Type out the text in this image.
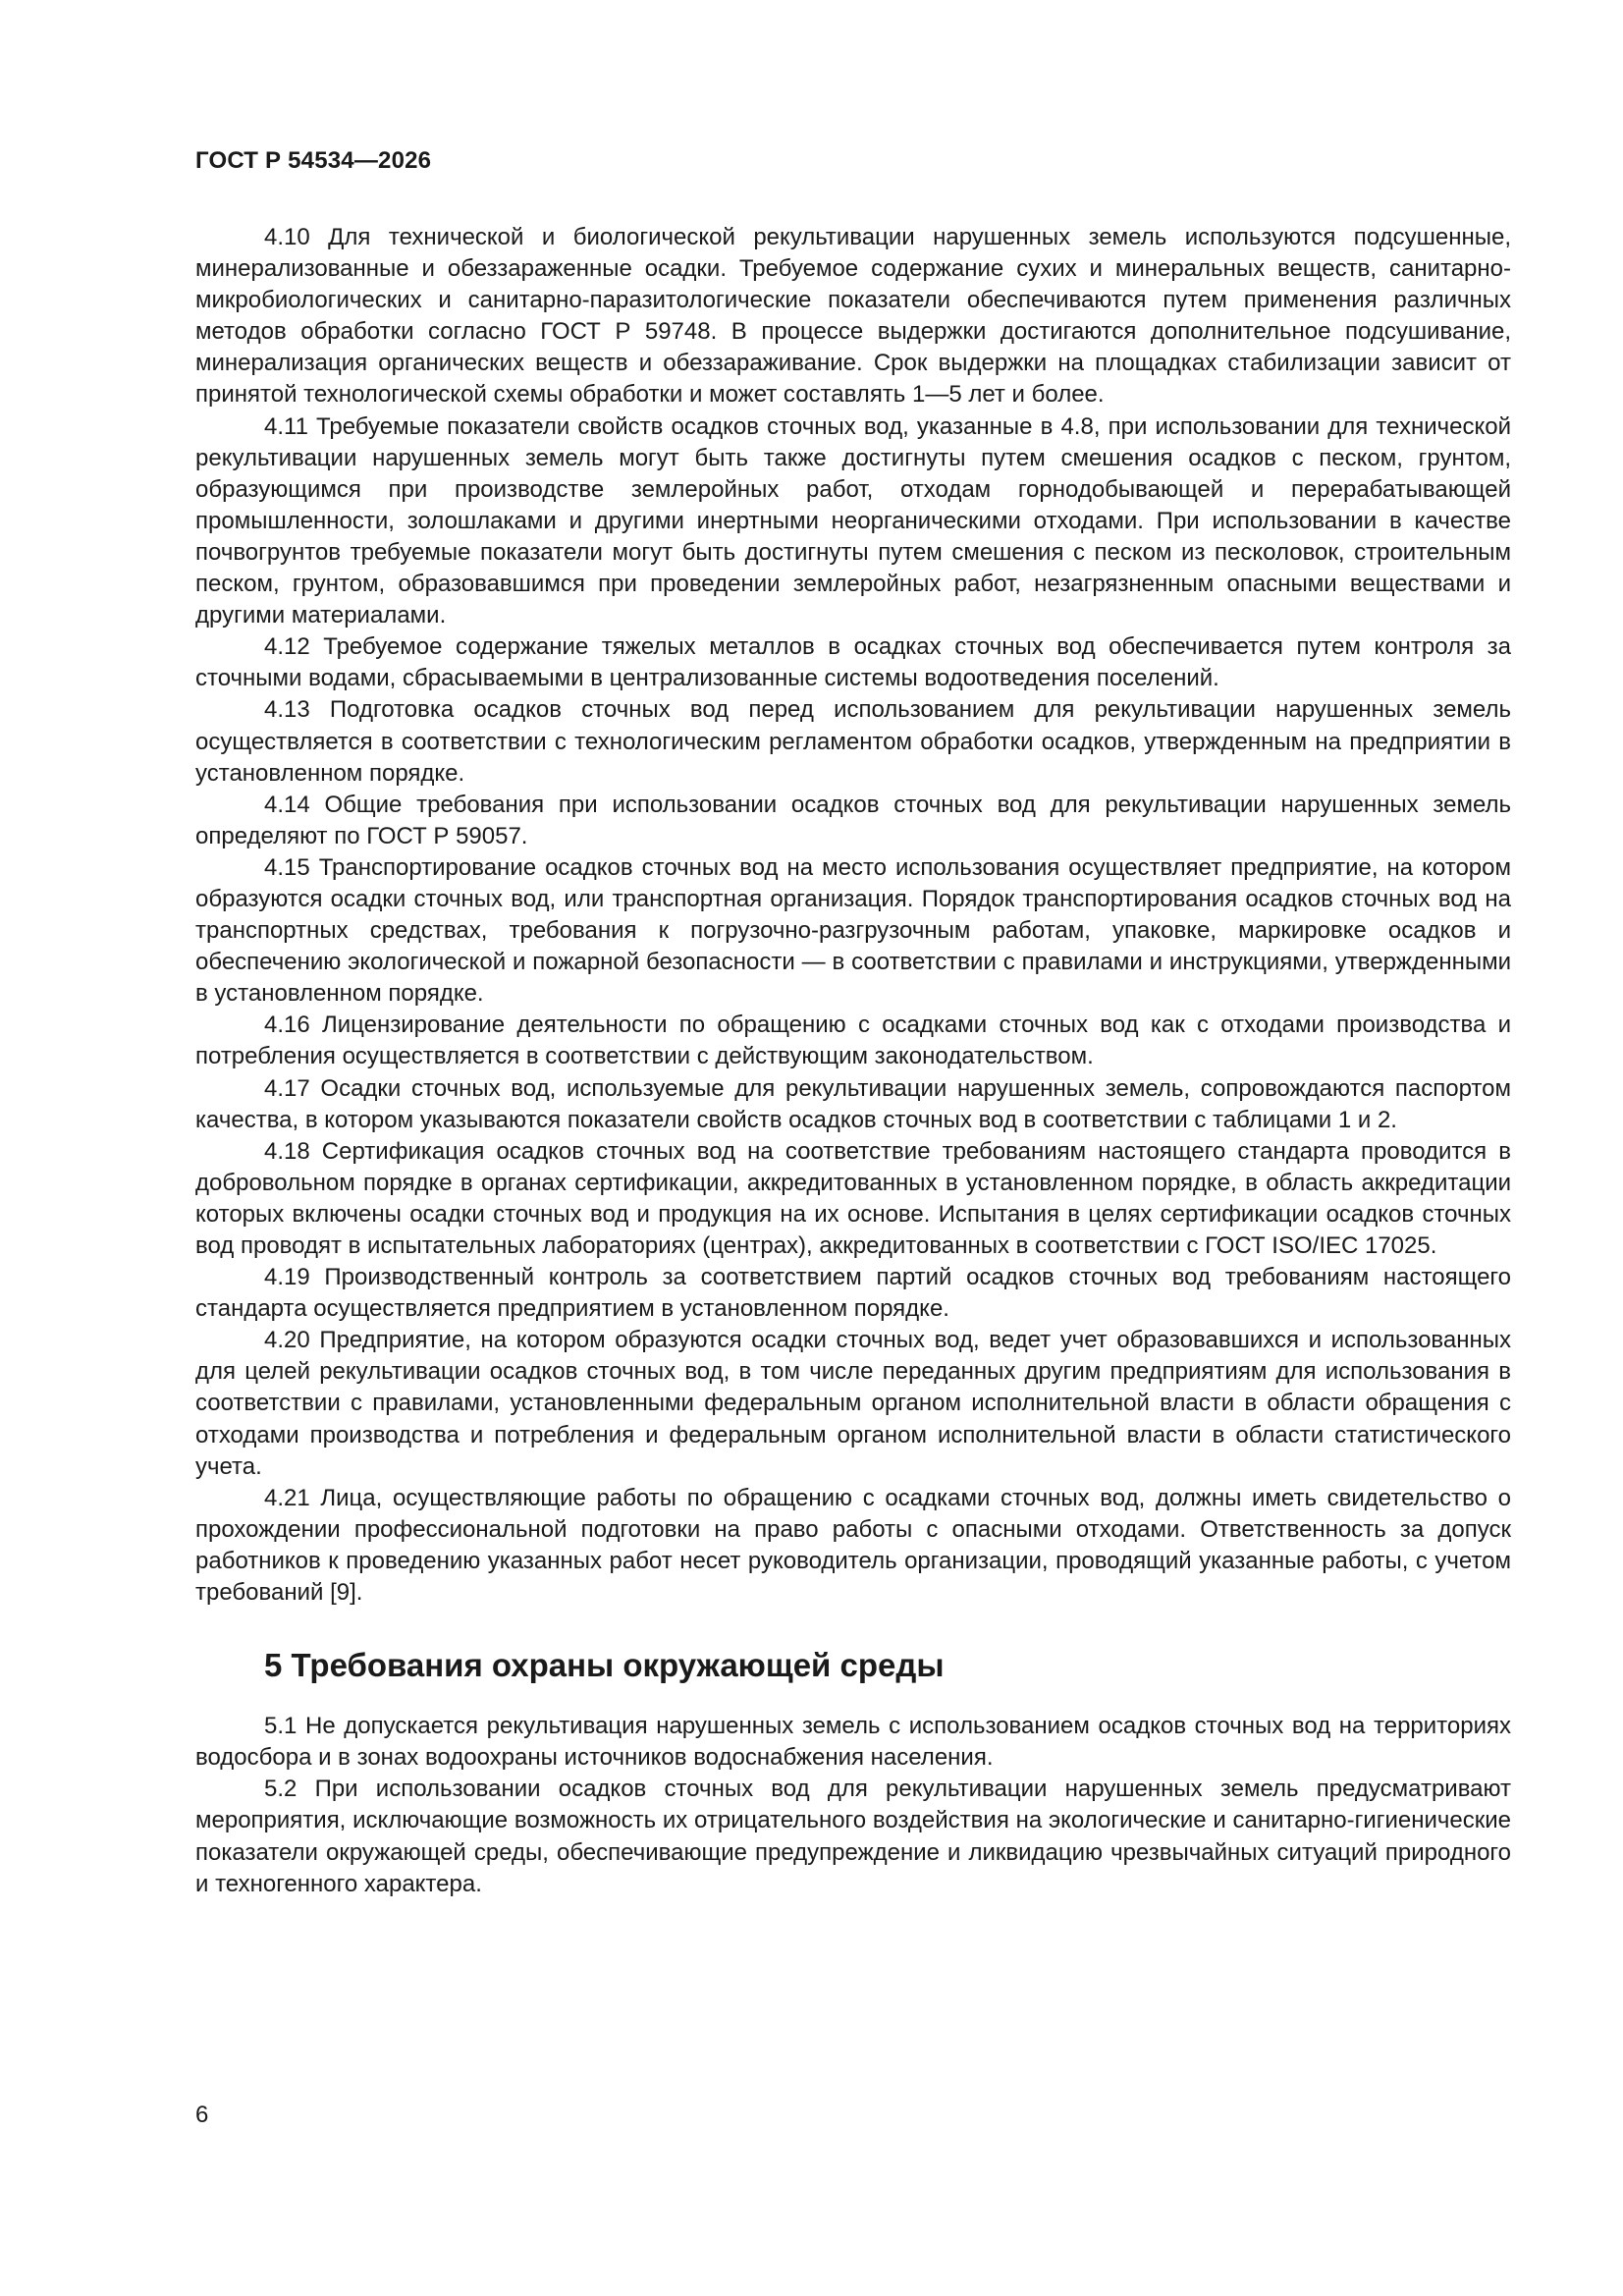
ГОСТ Р 54534—2026

4.10 Для технической и биологической рекультивации нарушенных земель используются подсушенные, минерализованные и обеззараженные осадки. Требуемое содержание сухих и минеральных веществ, санитарно-микробиологических и санитарно-паразитологические показатели обеспечиваются путем применения различных методов обработки согласно ГОСТ Р 59748. В процессе выдержки достигаются дополнительное подсушивание, минерализация органических веществ и обеззараживание. Срок выдержки на площадках стабилизации зависит от принятой технологической схемы обработки и может составлять 1—5 лет и более.

4.11 Требуемые показатели свойств осадков сточных вод, указанные в 4.8, при использовании для технической рекультивации нарушенных земель могут быть также достигнуты путем смешения осадков с песком, грунтом, образующимся при производстве землеройных работ, отходам горнодобывающей и перерабатывающей промышленности, золошлаками и другими инертными неорганическими отходами. При использовании в качестве почвогрунтов требуемые показатели могут быть достигнуты путем смешения с песком из песколовок, строительным песком, грунтом, образовавшимся при проведении землеройных работ, незагрязненным опасными веществами и другими материалами.

4.12 Требуемое содержание тяжелых металлов в осадках сточных вод обеспечивается путем контроля за сточными водами, сбрасываемыми в централизованные системы водоотведения поселений.

4.13 Подготовка осадков сточных вод перед использованием для рекультивации нарушенных земель осуществляется в соответствии с технологическим регламентом обработки осадков, утвержденным на предприятии в установленном порядке.

4.14 Общие требования при использовании осадков сточных вод для рекультивации нарушенных земель определяют по ГОСТ Р 59057.

4.15 Транспортирование осадков сточных вод на место использования осуществляет предприятие, на котором образуются осадки сточных вод, или транспортная организация. Порядок транспортирования осадков сточных вод на транспортных средствах, требования к погрузочно-разгрузочным работам, упаковке, маркировке осадков и обеспечению экологической и пожарной безопасности — в соответствии с правилами и инструкциями, утвержденными в установленном порядке.

4.16 Лицензирование деятельности по обращению с осадками сточных вод как с отходами производства и потребления осуществляется в соответствии с действующим законодательством.

4.17 Осадки сточных вод, используемые для рекультивации нарушенных земель, сопровождаются паспортом качества, в котором указываются показатели свойств осадков сточных вод в соответствии с таблицами 1 и 2.

4.18 Сертификация осадков сточных вод на соответствие требованиям настоящего стандарта проводится в добровольном порядке в органах сертификации, аккредитованных в установленном порядке, в область аккредитации которых включены осадки сточных вод и продукция на их основе. Испытания в целях сертификации осадков сточных вод проводят в испытательных лабораториях (центрах), аккредитованных в соответствии с ГОСТ ISO/IEC 17025.

4.19 Производственный контроль за соответствием партий осадков сточных вод требованиям настоящего стандарта осуществляется предприятием в установленном порядке.

4.20 Предприятие, на котором образуются осадки сточных вод, ведет учет образовавшихся и использованных для целей рекультивации осадков сточных вод, в том числе переданных другим предприятиям для использования в соответствии с правилами, установленными федеральным органом исполнительной власти в области обращения с отходами производства и потребления и федеральным органом исполнительной власти в области статистического учета.

4.21 Лица, осуществляющие работы по обращению с осадками сточных вод, должны иметь свидетельство о прохождении профессиональной подготовки на право работы с опасными отходами. Ответственность за допуск работников к проведению указанных работ несет руководитель организации, проводящий указанные работы, с учетом требований [9].

5 Требования охраны окружающей среды

5.1 Не допускается рекультивация нарушенных земель с использованием осадков сточных вод на территориях водосбора и в зонах водоохраны источников водоснабжения населения.

5.2 При использовании осадков сточных вод для рекультивации нарушенных земель предусматривают мероприятия, исключающие возможность их отрицательного воздействия на экологические и санитарно-гигиенические показатели окружающей среды, обеспечивающие предупреждение и ликвидацию чрезвычайных ситуаций природного и техногенного характера.

6
